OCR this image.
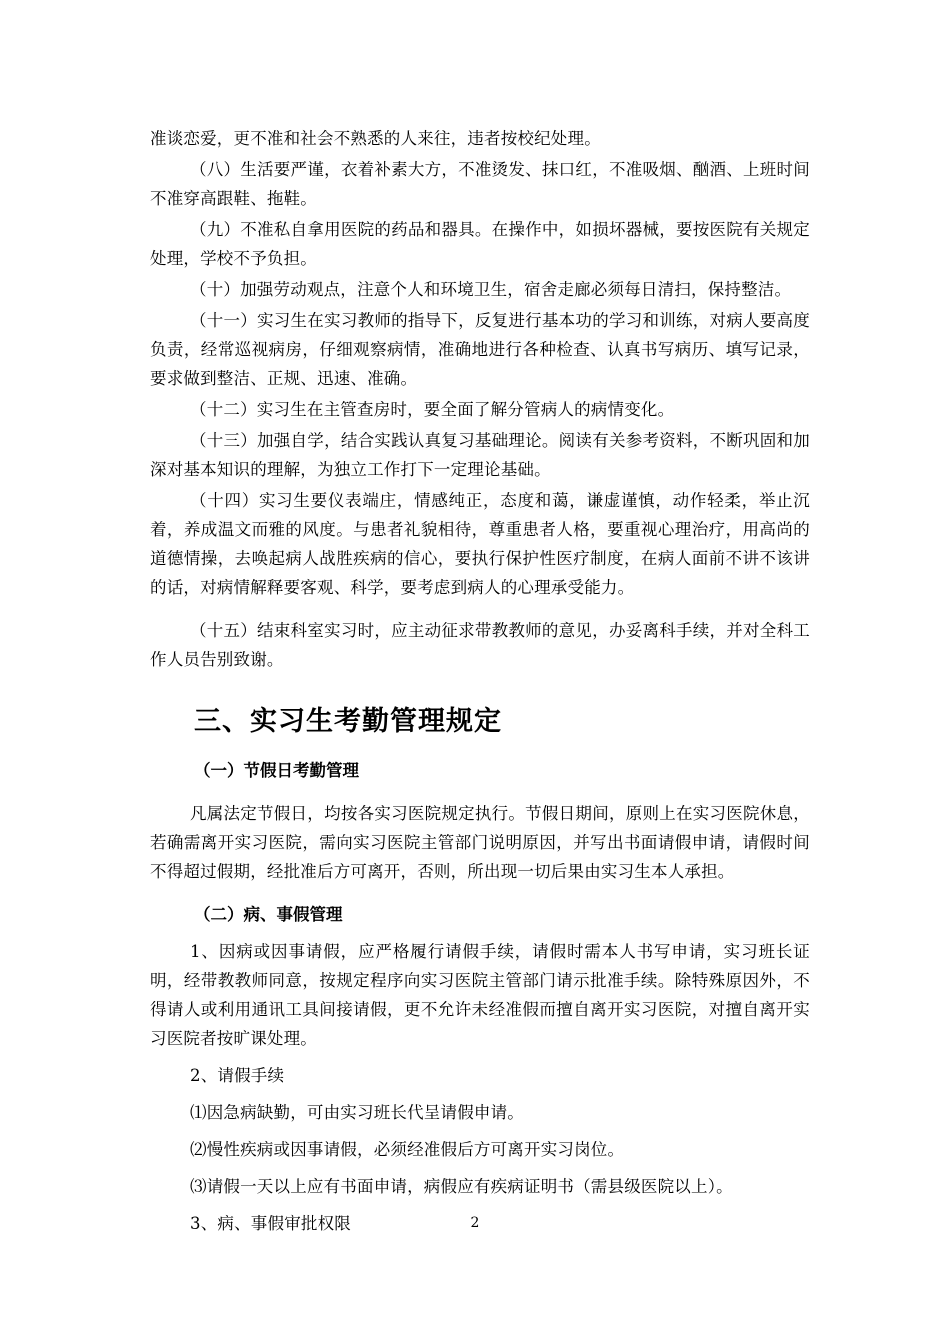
准谈恋爱，更不准和社会不熟悉的人来往，违者按校纪处理。

（八）生活要严谨，衣着补素大方，不准烫发、抹口红，不准吸烟、酗酒、上班时间不准穿高跟鞋、拖鞋。

（九）不准私自拿用医院的药品和器具。在操作中，如损坏器械，要按医院有关规定处理，学校不予负担。

（十）加强劳动观点，注意个人和环境卫生，宿舍走廊必须每日清扫，保持整洁。

（十一）实习生在实习教师的指导下，反复进行基本功的学习和训练，对病人要高度负责，经常巡视病房，仔细观察病情，准确地进行各种检查、认真书写病历、填写记录，要求做到整洁、正规、迅速、准确。

（十二）实习生在主管查房时，要全面了解分管病人的病情变化。

（十三）加强自学，结合实践认真复习基础理论。阅读有关参考资料，不断巩固和加深对基本知识的理解，为独立工作打下一定理论基础。

（十四）实习生要仪表端庄，情感纯正，态度和蔼，谦虚谨慎，动作轻柔，举止沉着，养成温文而雅的风度。与患者礼貌相待，尊重患者人格，要重视心理治疗，用高尚的道德情操，去唤起病人战胜疾病的信心，要执行保护性医疗制度，在病人面前不讲不该讲的话，对病情解释要客观、科学，要考虑到病人的心理承受能力。

（十五）结束科室实习时，应主动征求带教教师的意见，办妥离科手续，并对全科工作人员告别致谢。

三、实习生考勤管理规定
（一）节假日考勤管理

凡属法定节假日，均按各实习医院规定执行。节假日期间，原则上在实习医院休息，若确需离开实习医院，需向实习医院主管部门说明原因，并写出书面请假申请，请假时间不得超过假期，经批准后方可离开，否则，所出现一切后果由实习生本人承担。

（二）病、事假管理

1、因病或因事请假，应严格履行请假手续，请假时需本人书写申请，实习班长证明，经带教教师同意，按规定程序向实习医院主管部门请示批准手续。除特殊原因外，不得请人或利用通讯工具间接请假，更不允许未经准假而擅自离开实习医院，对擅自离开实习医院者按旷课处理。

2、请假手续

⑴因急病缺勤，可由实习班长代呈请假申请。

⑵慢性疾病或因事请假，必须经准假后方可离开实习岗位。

⑶请假一天以上应有书面申请，病假应有疾病证明书（需县级医院以上）。

3、病、事假审批权限	2
